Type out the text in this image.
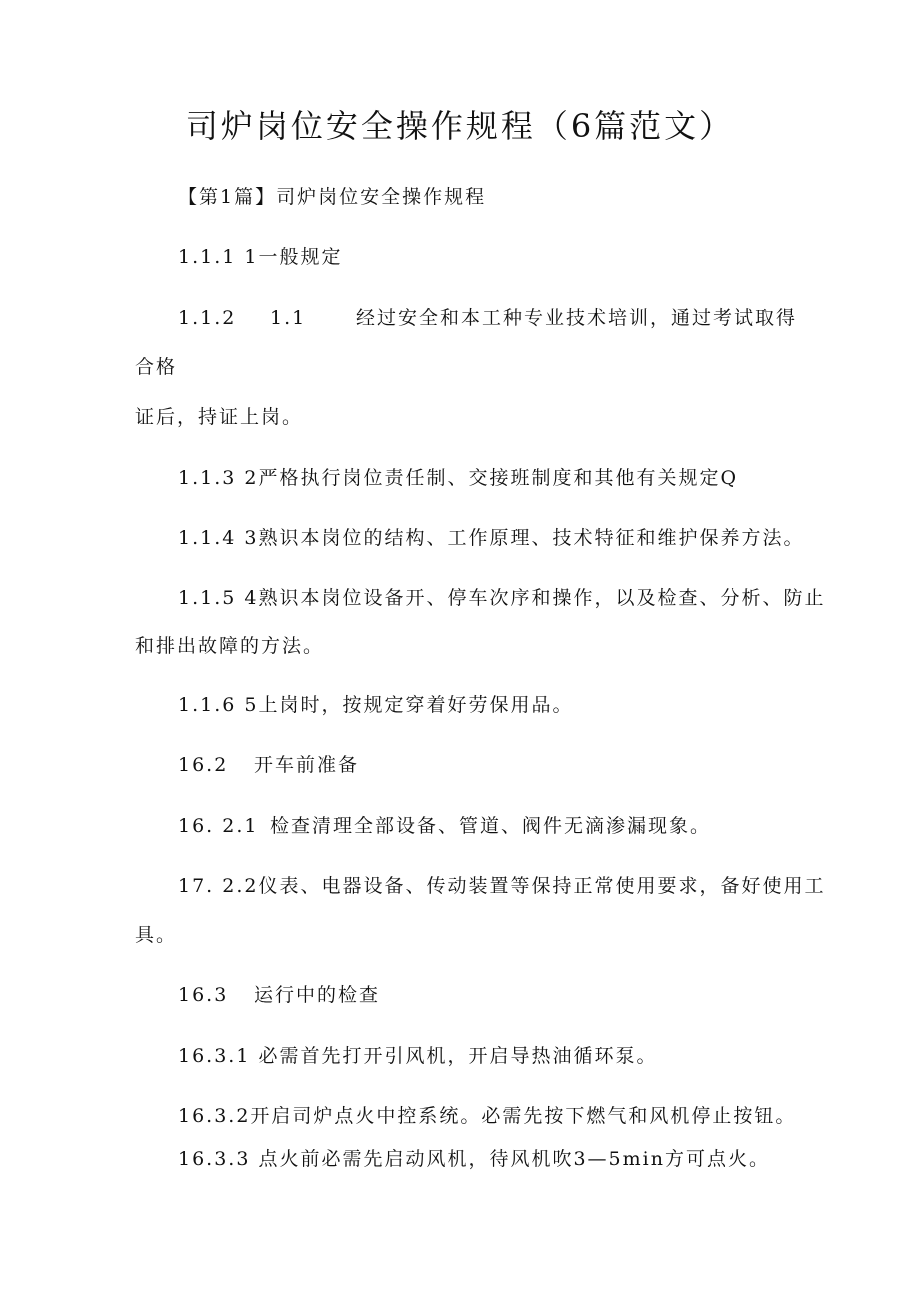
司炉岗位安全操作规程（6篇范文）
【第1篇】司炉岗位安全操作规程
1.1.1 1一般规定
1.1.2 1.1	经过安全和本工种专业技术培训，通过考试取得
合格
证后，持证上岗。
1.1.3 2严格执行岗位责任制、交接班制度和其他有关规定Q
1.1.4 3熟识本岗位的结构、工作原理、技术特征和维护保养方法。
1.1.5 4熟识本岗位设备开、停车次序和操作，以及检查、分析、防止
和排出故障的方法。
1.1.6 5上岗时，按规定穿着好劳保用品。
16.2 开车前准备
16. 2.1 检查清理全部设备、管道、阀件无滴渗漏现象。
17. 2.2仪表、电器设备、传动装置等保持正常使用要求，备好使用工
具。
16.3 运行中的检查
16.3.1 必需首先打开引风机，开启导热油循环泵。
16.3.2开启司炉点火中控系统。必需先按下燃气和风机停止按钮。
16.3.3 点火前必需先启动风机，待风机吹3—5min方可点火。
